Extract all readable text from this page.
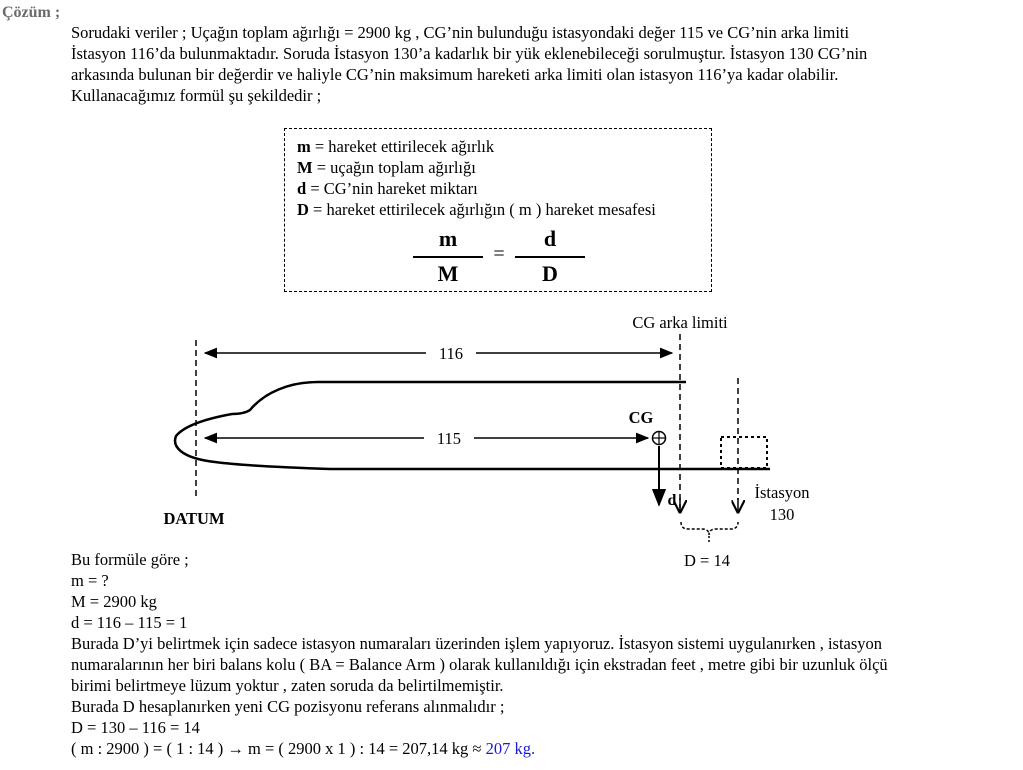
Çözüm ;
Sorudaki veriler ; Uçağın toplam ağırlığı = 2900 kg , CG’nin bulunduğu istasyondaki değer 115 ve CG’nin arka limiti
İstasyon 116’da bulunmaktadır. Soruda İstasyon 130’a kadarlık bir yük eklenebileceği sorulmuştur. İstasyon 130 CG’nin
arkasında bulunan bir değerdir ve haliyle CG’nin maksimum hareketi arka limiti olan istasyon 116’ya kadar olabilir.
Kullanacağımız formül şu şekildedir ;
m = hareket ettirilecek ağırlık
M = uçağın toplam ağırlığı
d = CG’nin hareket miktarı
D = hareket ettirilecek ağırlığın ( m ) hareket mesafesi
m
M
=
d
D
CG arka limiti
116
115
CG
d
DATUM
İstasyon
130
D = 14
Bu formüle göre ;
m = ?
M = 2900 kg
d = 116 – 115 = 1
Burada D’yi belirtmek için sadece istasyon numaraları üzerinden işlem yapıyoruz. İstasyon sistemi uygulanırken , istasyon
numaralarının her biri balans kolu ( BA = Balance Arm ) olarak kullanıldığı için ekstradan feet , metre gibi bir uzunluk ölçü
birimi belirtmeye lüzum yoktur , zaten soruda da belirtilmemiştir.
Burada D hesaplanırken yeni CG pozisyonu referans alınmalıdır ;
D = 130 – 116 = 14
( m : 2900 ) = ( 1 : 14 ) → m = ( 2900 x 1 ) : 14 = 207,14 kg ≈ 207 kg.
